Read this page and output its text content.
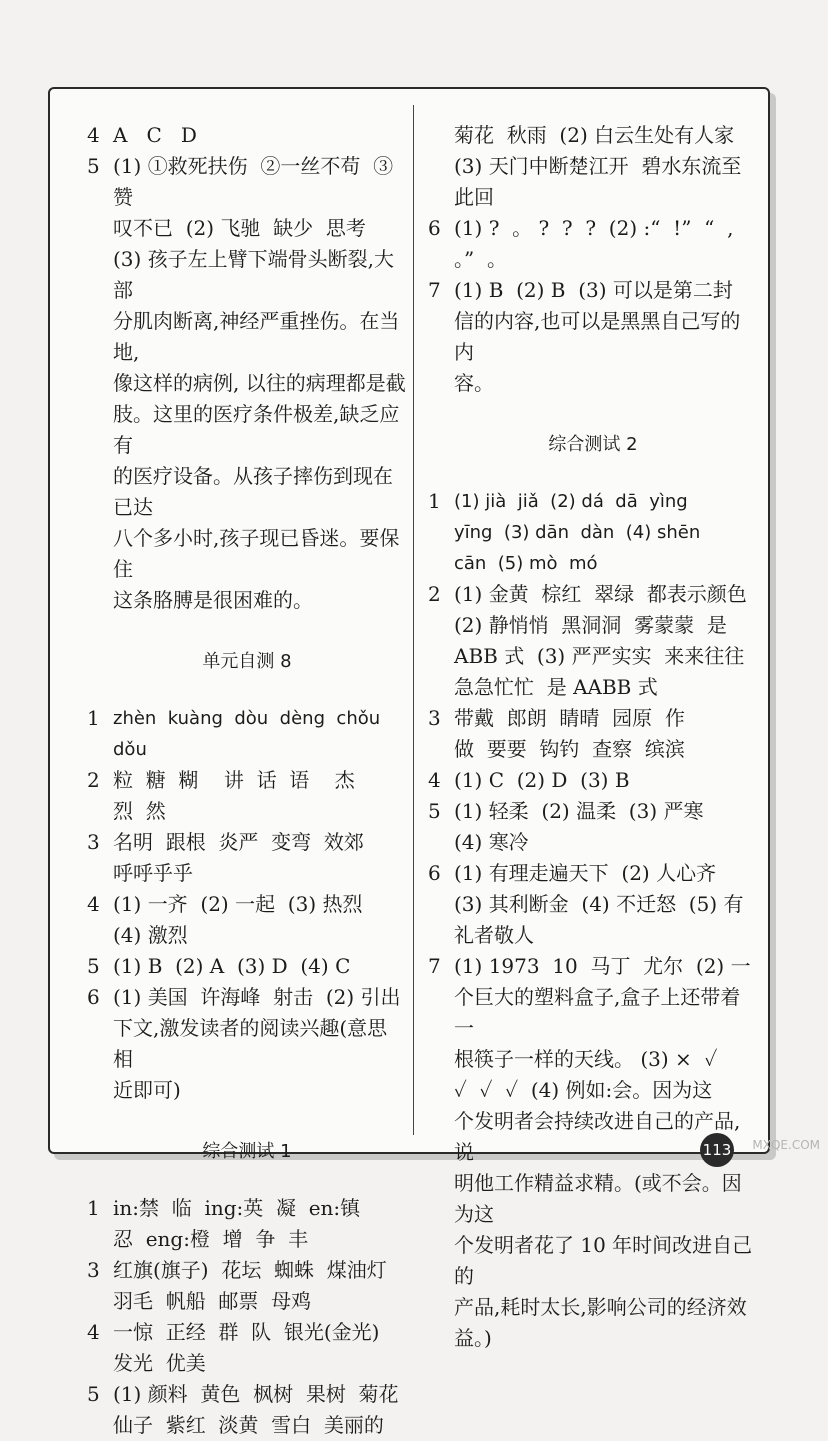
4 A   C   D
5 (1) ①救死扶伤  ②一丝不苟  ③赞
叹不已  (2) 飞驰  缺少  思考
(3) 孩子左上臂下端骨头断裂,大部
分肌肉断离,神经严重挫伤。在当地,
像这样的病例, 以往的病理都是截
肢。这里的医疗条件极差,缺乏应有
的医疗设备。从孩子摔伤到现在已达
八个多小时,孩子现已昏迷。要保住
这条胳膊是很困难的。
单元自测 8
1 zhèn  kuàng  dòu  dèng  chǒu
dǒu
2 粒  糖  糊    讲  话  语    杰
烈  然
3 名明  跟根  炎严  变弯  效郊
呼呼乎乎
4 (1) 一齐  (2) 一起  (3) 热烈
(4) 激烈
5 (1) B  (2) A  (3) D  (4) C
6 (1) 美国  许海峰  射击  (2) 引出
下文,激发读者的阅读兴趣(意思相
近即可)
综合测试 1
1 in:禁  临  ing:英  凝  en:镇
忍  eng:橙  增  争  丰
3 红旗(旗子)  花坛  蜘蛛  煤油灯
羽毛  帆船  邮票  母鸡
4 一惊  正经  群  队  银光(金光)
发光  优美
5 (1) 颜料  黄色  枫树  果树  菊花
仙子  紫红  淡黄  雪白  美丽的
菊花  秋雨  (2) 白云生处有人家
(3) 天门中断楚江开  碧水东流至
此回
6 (1) ?  。 ?  ?  ?  (2) :“  !”  “  ,
。”  。
7 (1) B  (2) B  (3) 可以是第二封
信的内容,也可以是黑黑自己写的内
容。
综合测试 2
1 (1) jià  jiǎ  (2) dá  dā  yìng
yīng  (3) dān  dàn  (4) shēn
cān  (5) mò  mó
2 (1) 金黄  棕红  翠绿  都表示颜色
(2) 静悄悄  黑洞洞  雾蒙蒙  是
ABB 式  (3) 严严实实  来来往往
急急忙忙  是 AABB 式
3 带戴  郎朗  睛晴  园原  作
做  要要  钩钓  查察  缤滨
4 (1) C  (2) D  (3) B
5 (1) 轻柔  (2) 温柔  (3) 严寒
(4) 寒冷
6 (1) 有理走遍天下  (2) 人心齐
(3) 其利断金  (4) 不迁怒  (5) 有
礼者敬人
7 (1) 1973  10  马丁  尤尔  (2) 一
个巨大的塑料盒子,盒子上还带着一
根筷子一样的天线。 (3) ×  ✓
✓  ✓  ✓  (4) 例如:会。因为这
个发明者会持续改进自己的产品,说
明他工作精益求精。(或不会。因为这
个发明者花了 10 年时间改进自己的
产品,耗时太长,影响公司的经济效
益。)
113	MXQE.COM
